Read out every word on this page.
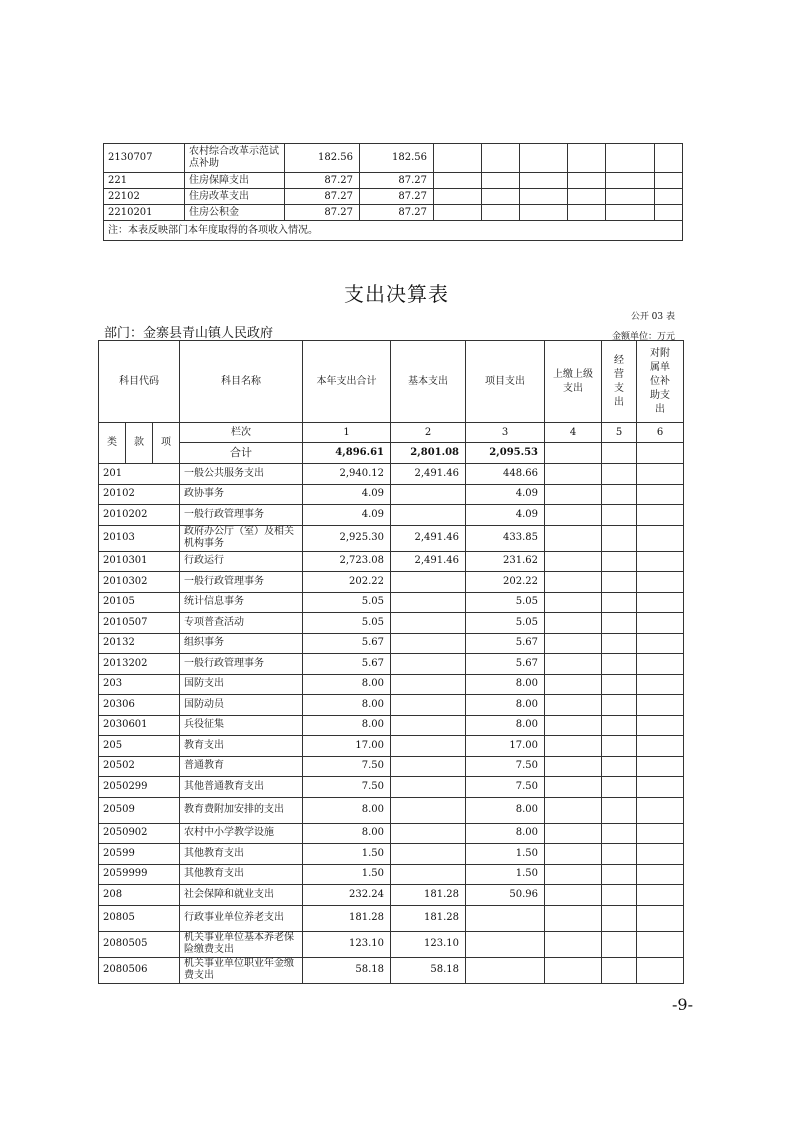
2130707	农村综合改革示范试点补助	182.56	182.56						
221	住房保障支出	87.27	87.27						
22102	住房改革支出	87.27	87.27						
2210201	住房公积金	87.27	87.27						
注：本表反映部门本年度取得的各项收入情况。									
支出决算表
公开 03 表
部门：金寨县青山镇人民政府	金额单位：万元
科目代码			科目名称	本年支出合计	基本支出	项目支出	上缴上级支出	经营支出	对附属单位补助支出
类	款	项	栏次	1	2	3	4	5	6
			合计	4,896.61	2,801.08	2,095.53			
201			一般公共服务支出	2,940.12	2,491.46	448.66			
20102			政协事务	4.09		4.09			
2010202			一般行政管理事务	4.09		4.09			
20103			政府办公厅（室）及相关机构事务	2,925.30	2,491.46	433.85			
2010301			行政运行	2,723.08	2,491.46	231.62			
2010302			一般行政管理事务	202.22		202.22			
20105			统计信息事务	5.05		5.05			
2010507			专项普查活动	5.05		5.05			
20132			组织事务	5.67		5.67			
2013202			一般行政管理事务	5.67		5.67			
203			国防支出	8.00		8.00			
20306			国防动员	8.00		8.00			
2030601			兵役征集	8.00		8.00			
205			教育支出	17.00		17.00			
20502			普通教育	7.50		7.50			
2050299			其他普通教育支出	7.50		7.50			
20509			教育费附加安排的支出	8.00		8.00			
2050902			农村中小学教学设施	8.00		8.00			
20599			其他教育支出	1.50		1.50			
2059999			其他教育支出	1.50		1.50			
208			社会保障和就业支出	232.24	181.28	50.96			
20805			行政事业单位养老支出	181.28	181.28				
2080505			机关事业单位基本养老保险缴费支出	123.10	123.10				
2080506			机关事业单位职业年金缴费支出	58.18	58.18				
-9-
